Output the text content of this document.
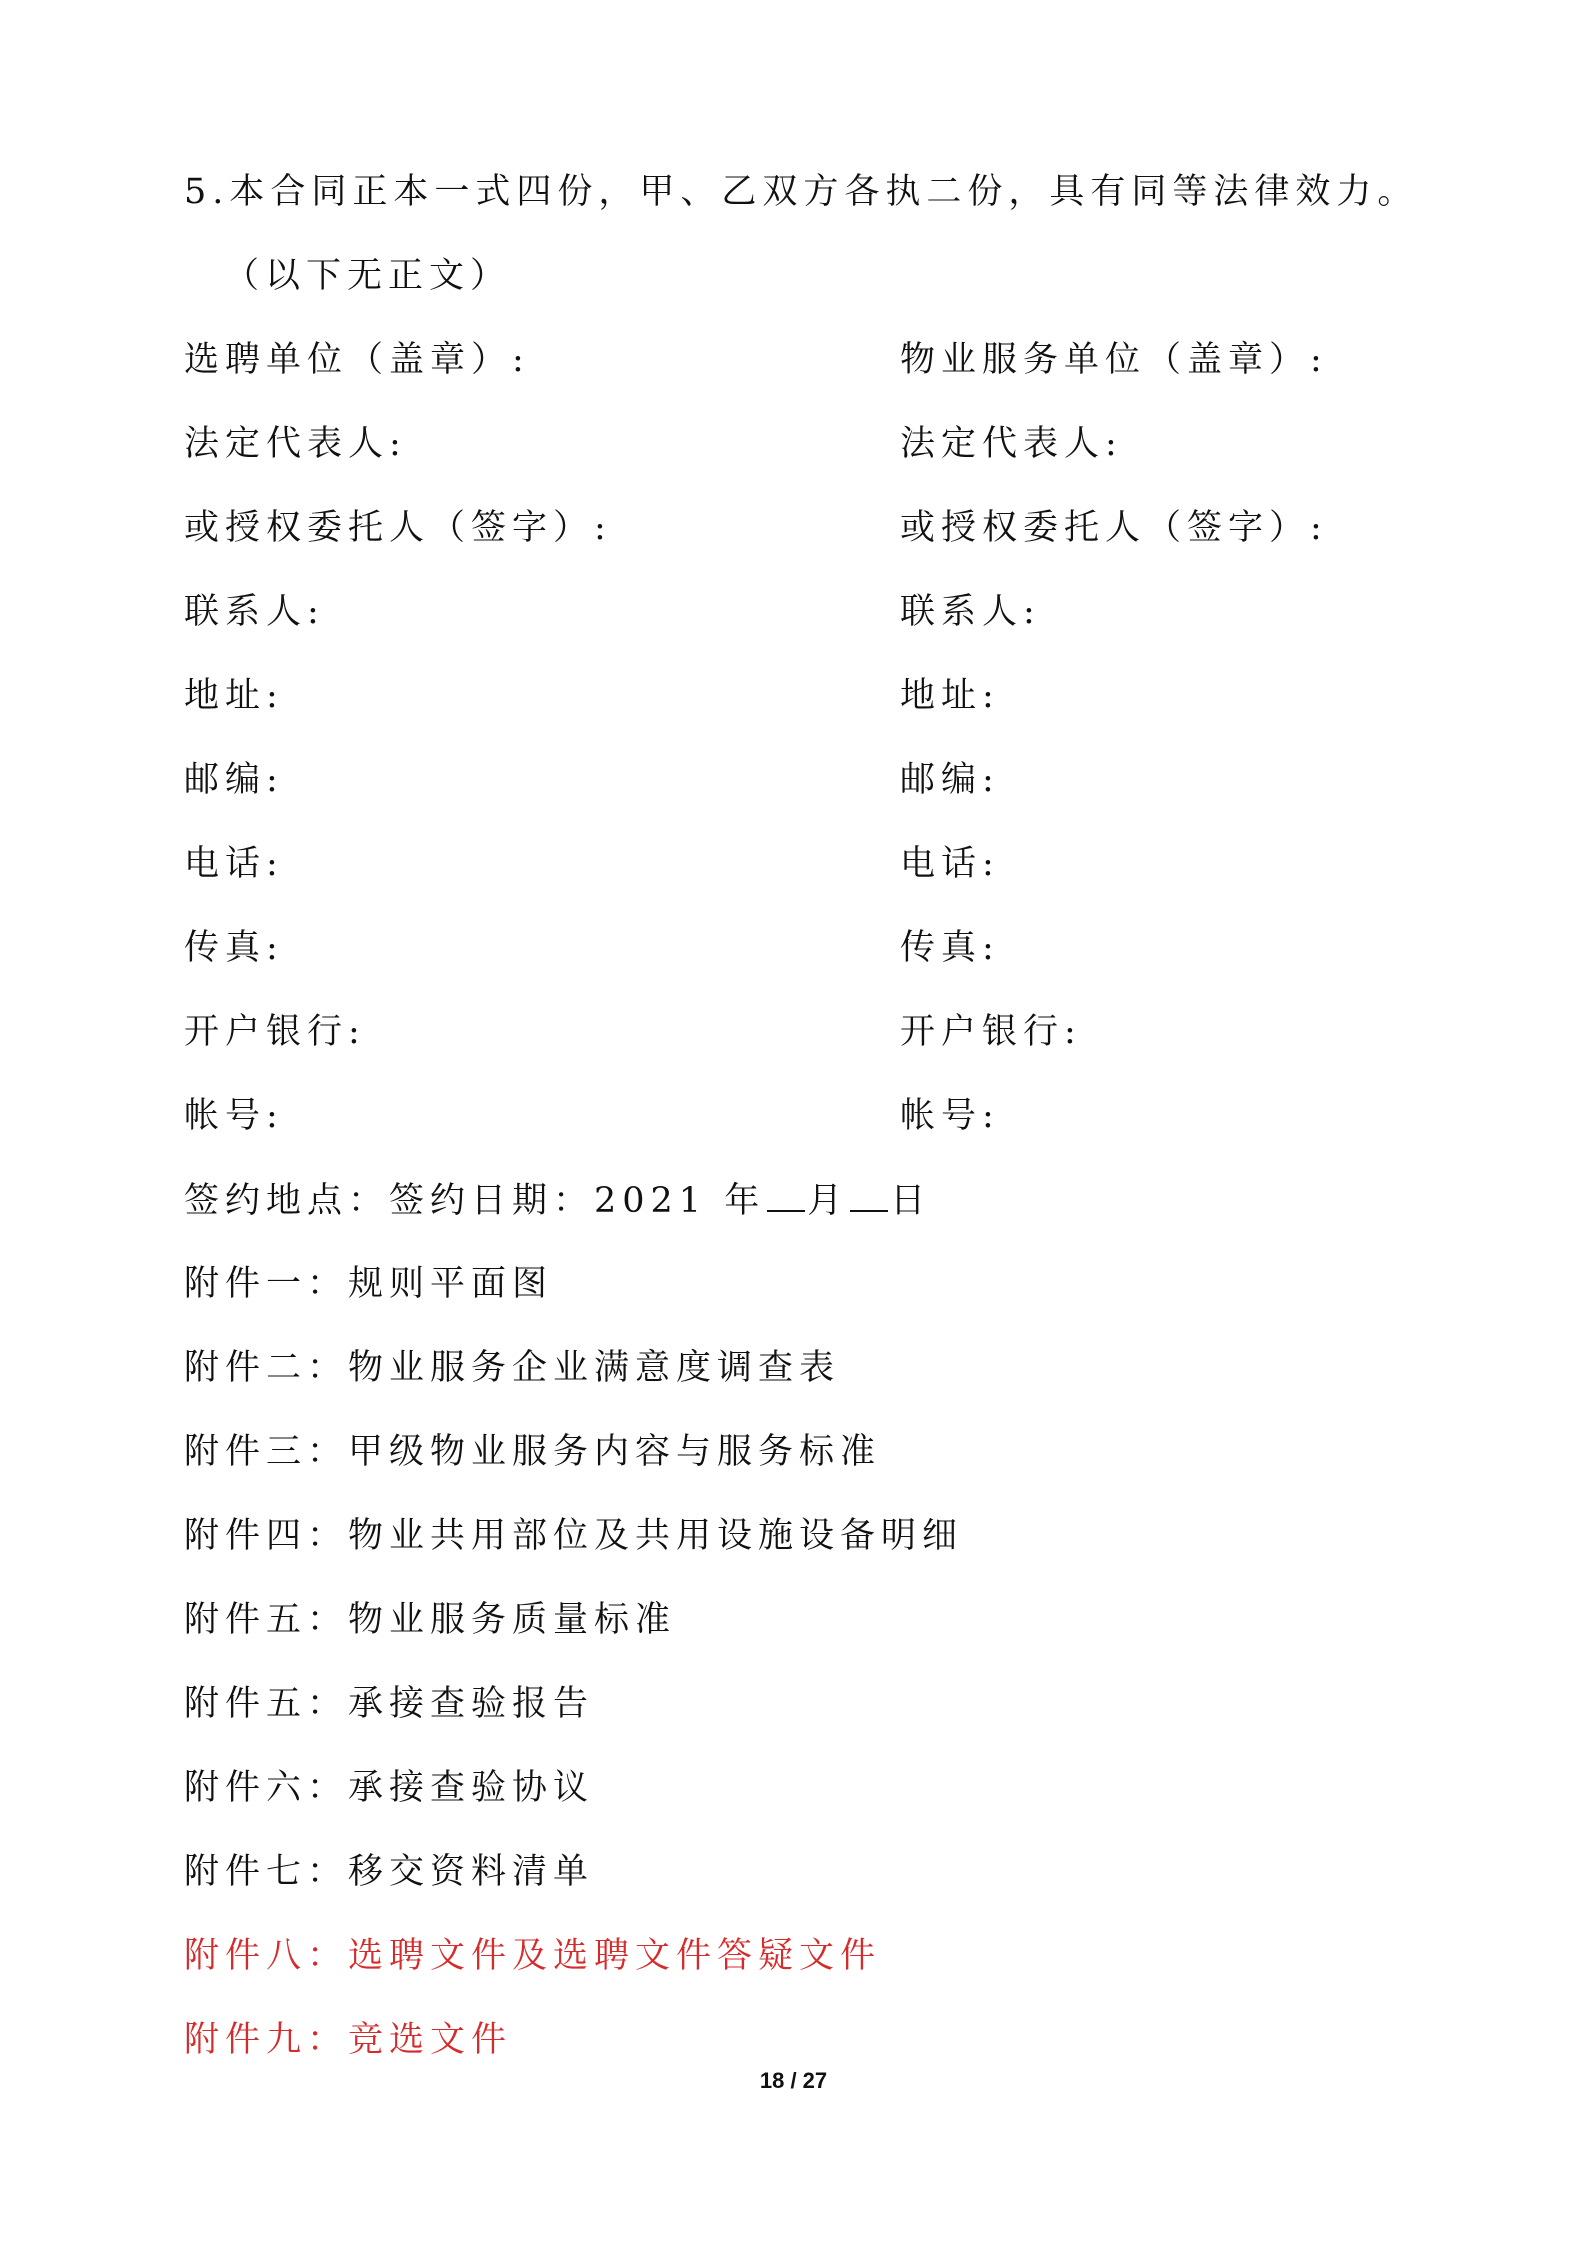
5.本合同正本一式四份，甲、乙双方各执二份，具有同等法律效力。
（以下无正文）
选聘单位（盖章）:
法定代表人:
或授权委托人（签字）:
联系人:
地址:
邮编:
电话:
传真:
开户银行:
帐号:
物业服务单位（盖章）:
法定代表人:
或授权委托人（签字）:
联系人:
地址:
邮编:
电话:
传真:
开户银行:
帐号:
签约地点：签约日期：2021 年 月 日
附件一：规则平面图
附件二：物业服务企业满意度调查表
附件三：甲级物业服务内容与服务标准
附件四：物业共用部位及共用设施设备明细
附件五：物业服务质量标准
附件五：承接查验报告
附件六：承接查验协议
附件七：移交资料清单
附件八：选聘文件及选聘文件答疑文件
附件九：竞选文件
18 / 27
